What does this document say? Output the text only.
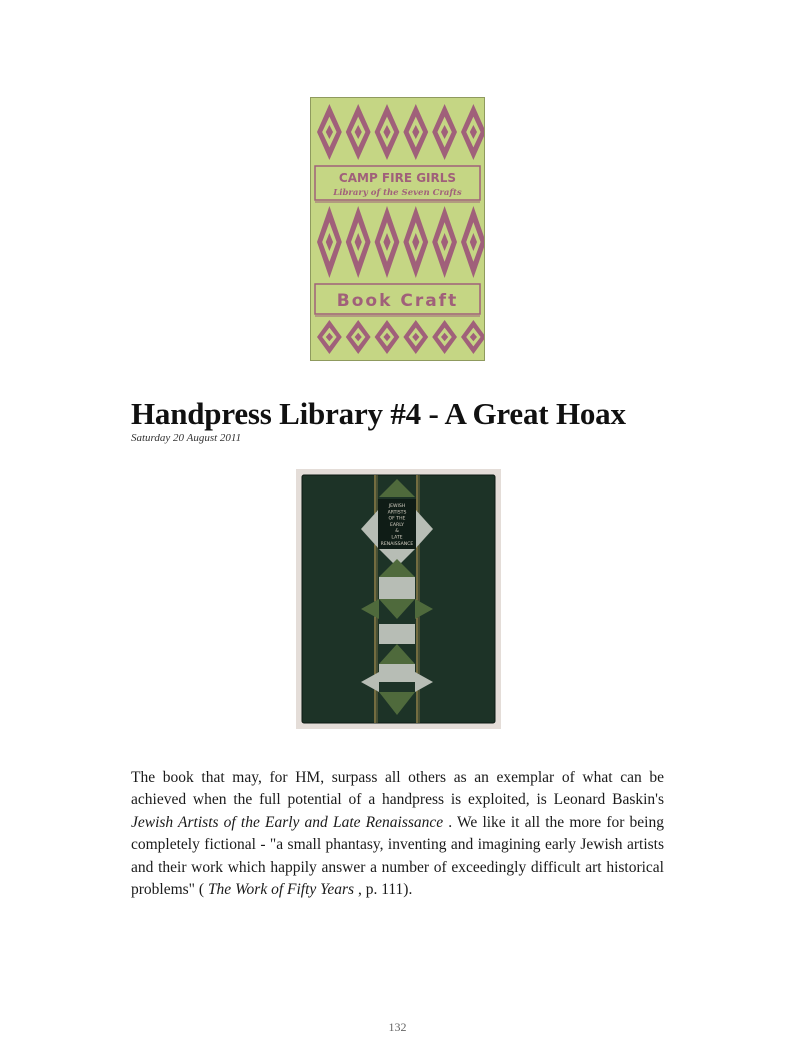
CAMP FIRE GIRLS
Library of the Seven Crafts
Book Craft
Handpress Library #4 - A Great Hoax
Saturday 20 August 2011
JEWISH
ARTISTS
OF THE
EARLY
&
LATE
RENAISSANCE

The book that may, for HM, surpass all others as an exemplar of what can be achieved when the full potential of a handpress is exploited, is Leonard Baskin's Jewish Artists of the Early and Late Renaissance . We like it all the more for being completely fictional - "a small phantasy, inventing and imagining early Jewish artists and their work which happily answer a number of exceedingly difficult art historical problems" ( The Work of Fifty Years , p. 111).

132
